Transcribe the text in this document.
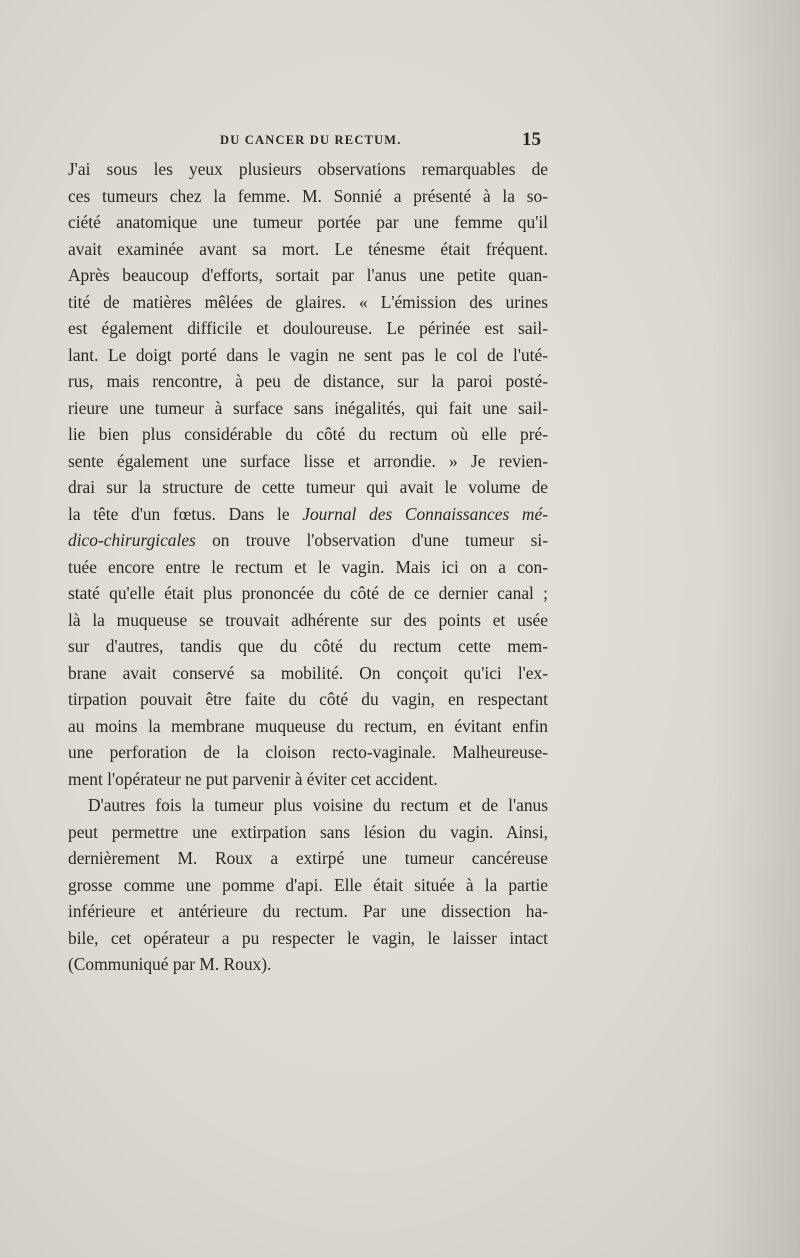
DU CANCER DU RECTUM.	15
J'ai sous les yeux plusieurs observations remarquables de
ces tumeurs chez la femme. M. Sonnié a présenté à la so-
ciété anatomique une tumeur portée par une femme qu'il
avait examinée avant sa mort. Le ténesme était fréquent.
Après beaucoup d'efforts, sortait par l'anus une petite quan-
tité de matières mêlées de glaires. « L'émission des urines
est également difficile et douloureuse. Le périnée est sail-
lant. Le doigt porté dans le vagin ne sent pas le col de l'uté-
rus, mais rencontre, à peu de distance, sur la paroi posté-
rieure une tumeur à surface sans inégalités, qui fait une sail-
lie bien plus considérable du côté du rectum où elle pré-
sente également une surface lisse et arrondie. » Je revien-
drai sur la structure de cette tumeur qui avait le volume de
la tête d'un fœtus. Dans le Journal des Connaissances mé-
dico-chirurgicales on trouve l'observation d'une tumeur si-
tuée encore entre le rectum et le vagin. Mais ici on a con-
staté qu'elle était plus prononcée du côté de ce dernier canal ;
là la muqueuse se trouvait adhérente sur des points et usée
sur d'autres, tandis que du côté du rectum cette mem-
brane avait conservé sa mobilité. On conçoit qu'ici l'ex-
tirpation pouvait être faite du côté du vagin, en respectant
au moins la membrane muqueuse du rectum, en évitant enfin
une perforation de la cloison recto-vaginale. Malheureuse-
ment l'opérateur ne put parvenir à éviter cet accident.
D'autres fois la tumeur plus voisine du rectum et de l'anus
peut permettre une extirpation sans lésion du vagin. Ainsi,
dernièrement M. Roux a extirpé une tumeur cancéreuse
grosse comme une pomme d'api. Elle était située à la partie
inférieure et antérieure du rectum. Par une dissection ha-
bile, cet opérateur a pu respecter le vagin, le laisser intact
(Communiqué par M. Roux).
